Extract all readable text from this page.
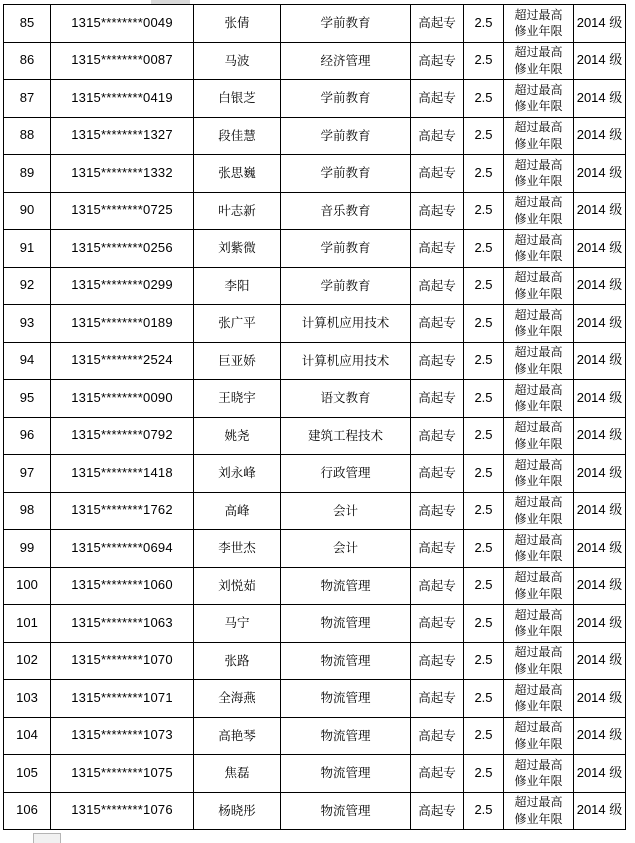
85	1315********0049	张倩	学前教育	高起专	2.5	超过最高修业年限	2014 级
86	1315********0087	马波	经济管理	高起专	2.5	超过最高修业年限	2014 级
87	1315********0419	白银芝	学前教育	高起专	2.5	超过最高修业年限	2014 级
88	1315********1327	段佳慧	学前教育	高起专	2.5	超过最高修业年限	2014 级
89	1315********1332	张思巍	学前教育	高起专	2.5	超过最高修业年限	2014 级
90	1315********0725	叶志新	音乐教育	高起专	2.5	超过最高修业年限	2014 级
91	1315********0256	刘紫微	学前教育	高起专	2.5	超过最高修业年限	2014 级
92	1315********0299	李阳	学前教育	高起专	2.5	超过最高修业年限	2014 级
93	1315********0189	张广平	计算机应用技术	高起专	2.5	超过最高修业年限	2014 级
94	1315********2524	巨亚娇	计算机应用技术	高起专	2.5	超过最高修业年限	2014 级
95	1315********0090	王晓宇	语文教育	高起专	2.5	超过最高修业年限	2014 级
96	1315********0792	姚尧	建筑工程技术	高起专	2.5	超过最高修业年限	2014 级
97	1315********1418	刘永峰	行政管理	高起专	2.5	超过最高修业年限	2014 级
98	1315********1762	高峰	会计	高起专	2.5	超过最高修业年限	2014 级
99	1315********0694	李世杰	会计	高起专	2.5	超过最高修业年限	2014 级
100	1315********1060	刘悦茹	物流管理	高起专	2.5	超过最高修业年限	2014 级
101	1315********1063	马宁	物流管理	高起专	2.5	超过最高修业年限	2014 级
102	1315********1070	张路	物流管理	高起专	2.5	超过最高修业年限	2014 级
103	1315********1071	全海燕	物流管理	高起专	2.5	超过最高修业年限	2014 级
104	1315********1073	高艳琴	物流管理	高起专	2.5	超过最高修业年限	2014 级
105	1315********1075	焦磊	物流管理	高起专	2.5	超过最高修业年限	2014 级
106	1315********1076	杨晓彤	物流管理	高起专	2.5	超过最高修业年限	2014 级
